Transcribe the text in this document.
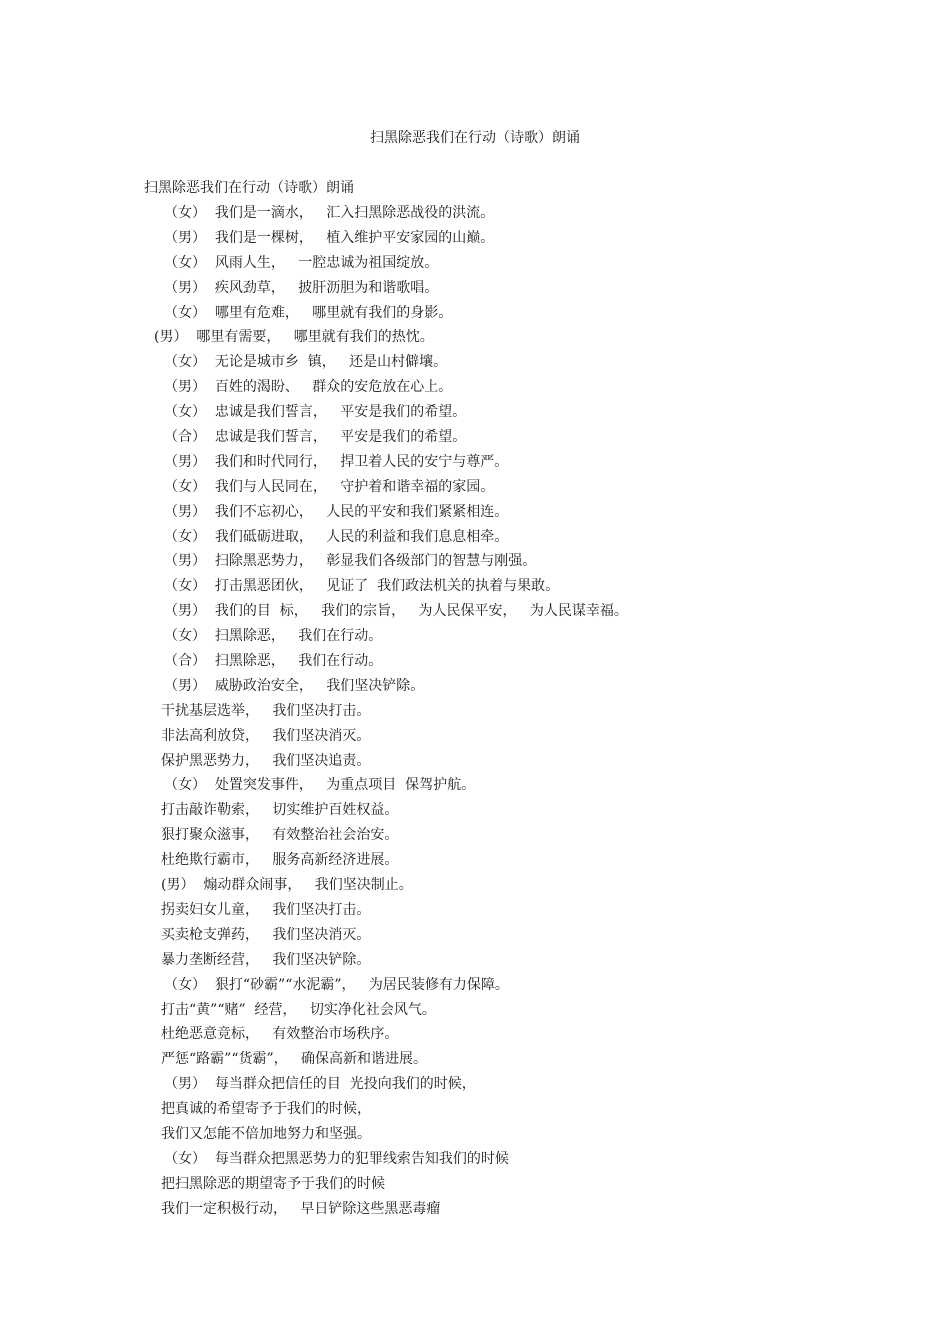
扫黑除恶我们在行动（诗歌）朗诵
扫黑除恶我们在行动（诗歌）朗诵
（女）  我们是一滴水，   汇入扫黑除恶战役的洪流。
（男）  我们是一棵树，   植入维护平安家园的山巅。
（女）  风雨人生，   一腔忠诚为祖国绽放。
（男）  疾风劲草，   披肝沥胆为和谐歌唱。
（女）  哪里有危难，   哪里就有我们的身影。
(男）  哪里有需要，   哪里就有我们的热忱。
（女）  无论是城市乡  镇，   还是山村僻壤。
（男）  百姓的渴盼、   群众的安危放在心上。
（女）  忠诚是我们誓言，   平安是我们的希望。
（合）  忠诚是我们誓言，   平安是我们的希望。
（男）  我们和时代同行，   捍卫着人民的安宁与尊严。
（女）  我们与人民同在，   守护着和谐幸福的家园。
（男）  我们不忘初心，   人民的平安和我们紧紧相连。
（女）  我们砥砺进取，   人民的利益和我们息息相牵。
（男）  扫除黑恶势力，   彰显我们各级部门的智慧与刚强。
（女）  打击黑恶团伙，   见证了  我们政法机关的执着与果敢。
（男）  我们的目  标，   我们的宗旨，   为人民保平安，   为人民谋幸福。
（女）  扫黑除恶，   我们在行动。
（合）  扫黑除恶，   我们在行动。
（男）  威胁政治安全，   我们坚决铲除。
干扰基层选举，   我们坚决打击。
非法高利放贷，   我们坚决消灭。
保护黑恶势力，   我们坚决追责。
（女）  处置突发事件，   为重点项目  保驾护航。
打击敲诈勒索，   切实维护百姓权益。
狠打聚众滋事，   有效整治社会治安。
杜绝欺行霸市，   服务高新经济进展。
(男）  煽动群众闹事，   我们坚决制止。
拐卖妇女儿童，   我们坚决打击。
买卖枪支弹药，   我们坚决消灭。
暴力垄断经营，   我们坚决铲除。
（女）  狠打“砂霸”“水泥霸”，   为居民装修有力保障。
打击“黄”“赌”  经营，   切实净化社会风气。
杜绝恶意竞标，   有效整治市场秩序。
严惩“路霸”“货霸”，   确保高新和谐进展。
（男）  每当群众把信任的目  光投向我们的时候，
把真诚的希望寄予于我们的时候，
我们又怎能不倍加地努力和坚强。
（女）  每当群众把黑恶势力的犯罪线索告知我们的时候
把扫黑除恶的期望寄予于我们的时候
我们一定积极行动，   早日铲除这些黑恶毒瘤
